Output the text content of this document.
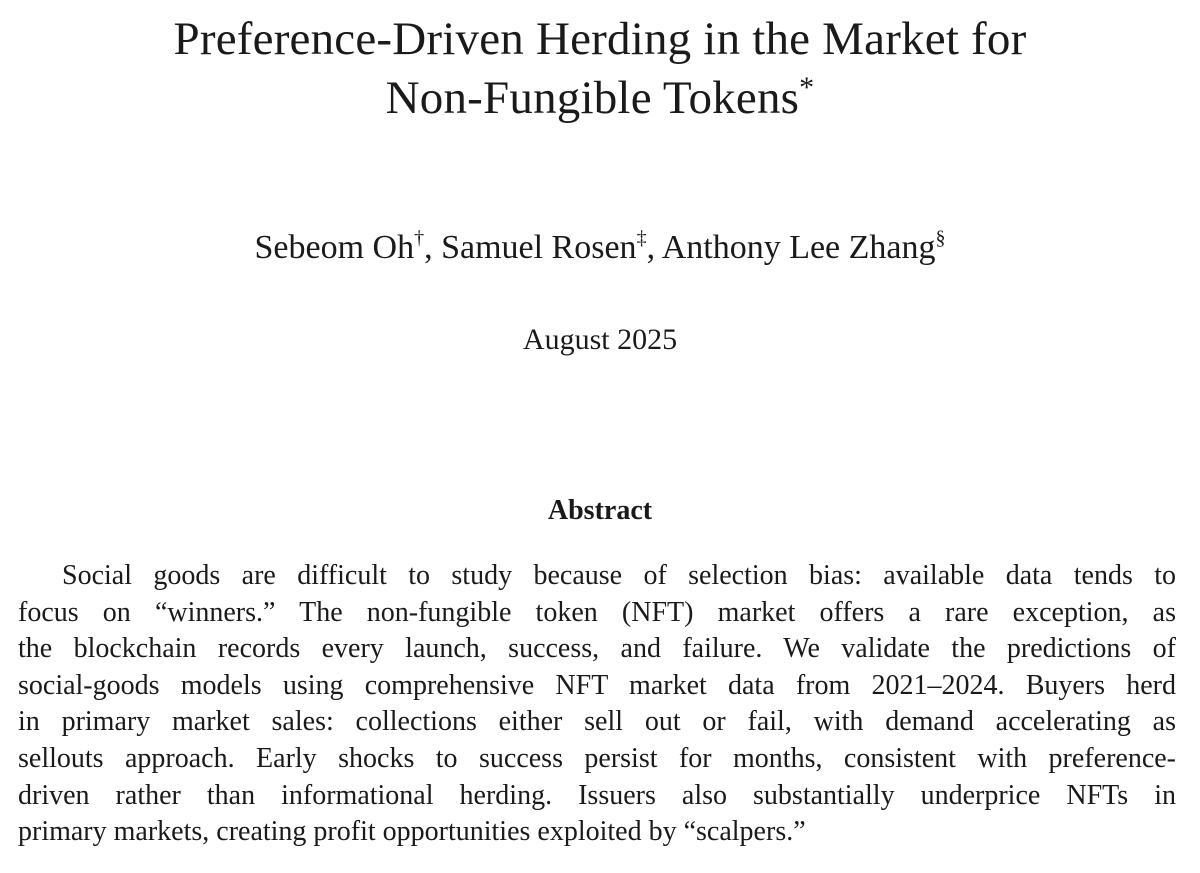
Preference-Driven Herding in the Market for
Non-Fungible Tokens*
Sebeom Oh†, Samuel Rosen‡, Anthony Lee Zhang§
August 2025
Abstract
Social goods are difficult to study because of selection bias: available data tends to
focus on “winners.” The non-fungible token (NFT) market offers a rare exception, as
the blockchain records every launch, success, and failure. We validate the predictions of
social-goods models using comprehensive NFT market data from 2021–2024. Buyers herd
in primary market sales: collections either sell out or fail, with demand accelerating as
sellouts approach. Early shocks to success persist for months, consistent with preference-
driven rather than informational herding. Issuers also substantially underprice NFTs in
primary markets, creating profit opportunities exploited by “scalpers.”
